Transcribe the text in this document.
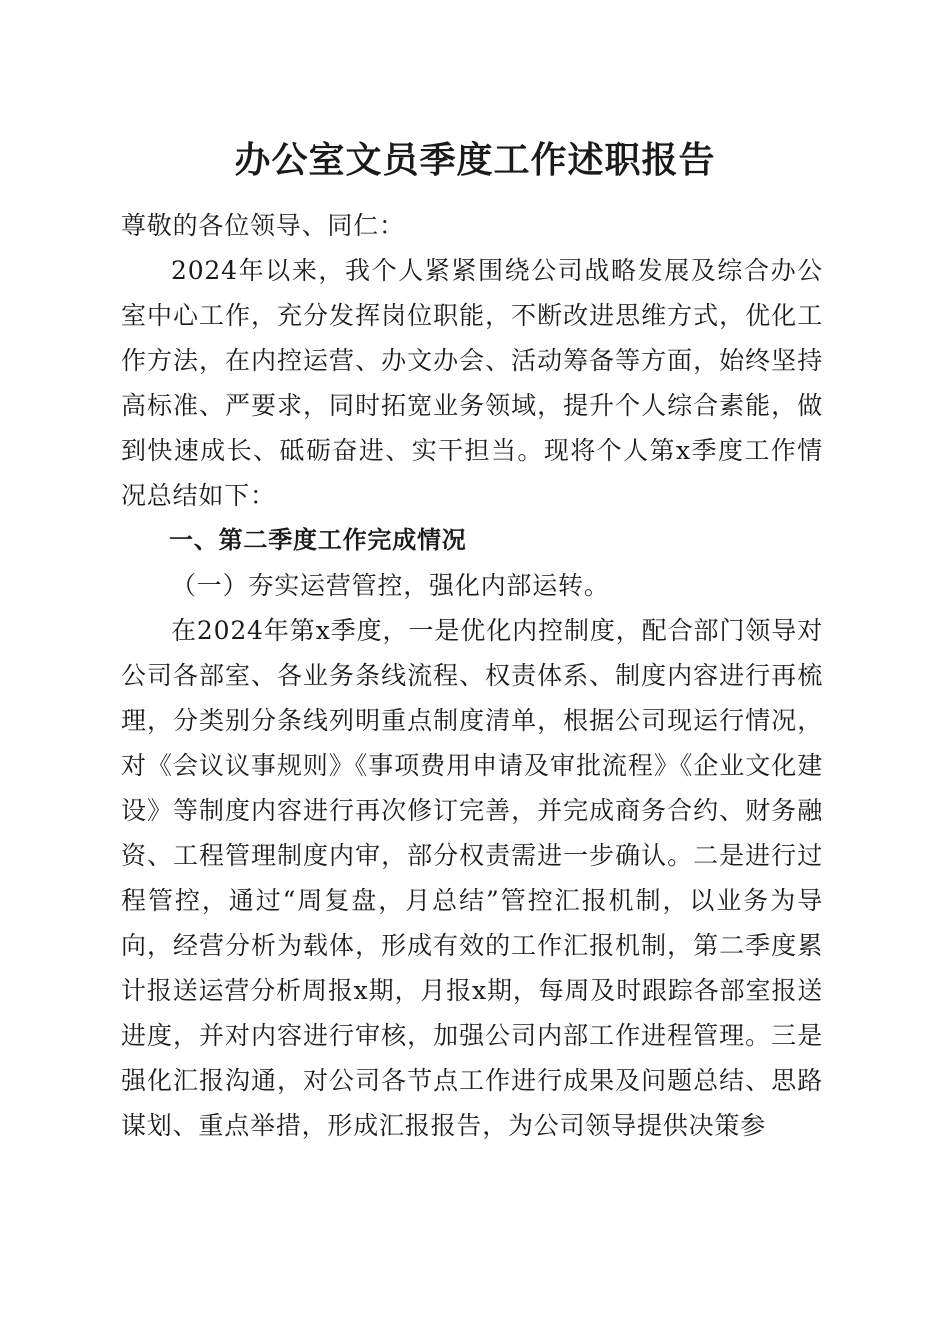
办公室文员季度工作述职报告

尊敬的各位领导、同仁：

2024年以来，我个人紧紧围绕公司战略发展及综合办公室中心工作，充分发挥岗位职能，不断改进思维方式，优化工作方法，在内控运营、办文办会、活动筹备等方面，始终坚持高标准、严要求，同时拓宽业务领域，提升个人综合素能，做到快速成长、砥砺奋进、实干担当。现将个人第x季度工作情况总结如下：

一、第二季度工作完成情况

（一）夯实运营管控，强化内部运转。

在2024年第x季度，一是优化内控制度，配合部门领导对公司各部室、各业务条线流程、权责体系、制度内容进行再梳理，分类别分条线列明重点制度清单，根据公司现运行情况，对《会议议事规则》《事项费用申请及审批流程》《企业文化建设》等制度内容进行再次修订完善，并完成商务合约、财务融资、工程管理制度内审，部分权责需进一步确认。二是进行过程管控，通过“周复盘，月总结”管控汇报机制，以业务为导向，经营分析为载体，形成有效的工作汇报机制，第二季度累计报送运营分析周报x期，月报x期，每周及时跟踪各部室报送进度，并对内容进行审核，加强公司内部工作进程管理。三是强化汇报沟通，对公司各节点工作进行成果及问题总结、思路谋划、重点举措，形成汇报报告，为公司领导提供决策参
